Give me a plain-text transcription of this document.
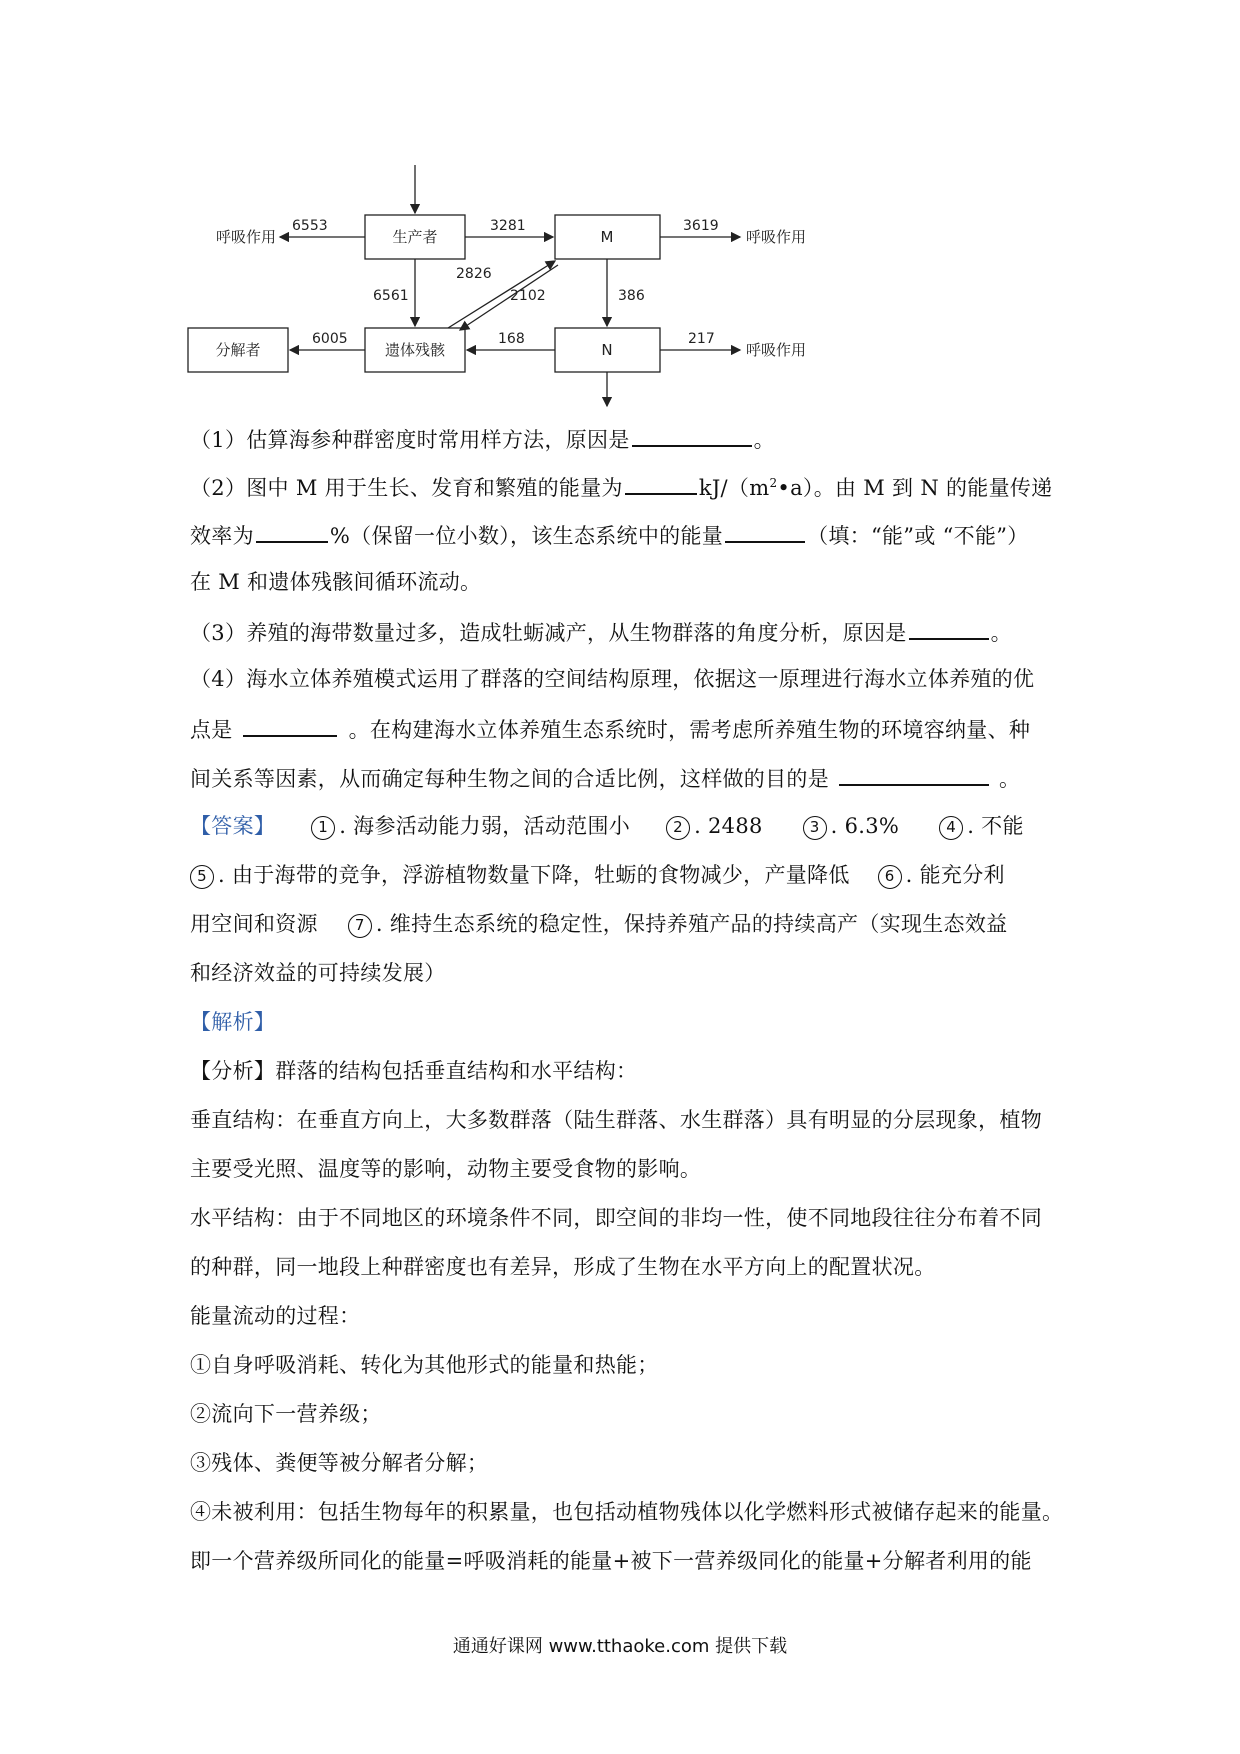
生产者	M
遗体残骸	N
分解者
呼吸作用	呼吸作用
呼吸作用
6553	3281	3619
6561
2826
2102	386
6005	168	217
（1）估算海参种群密度时常用样方法，原因是	。
（2）图中 M 用于生长、发育和繁殖的能量为	$kJ/(m^2•a)$。由 M 到 N 的能量传递
效率为	%（保留一位小数），该生态系统中的能量	（填：“能”或 “不能”）
在 M 和遗体残骸间循环流动。
（3）养殖的海带数量过多，造成牡蛎减产，从生物群落的角度分析，原因是	。
（4）海水立体养殖模式运用了群落的空间结构原理，依据这一原理进行海水立体养殖的优
点是	。在构建海水立体养殖生态系统时，需考虑所养殖生物的环境容纳量、种
间关系等因素，从而确定每种生物之间的合适比例，这样做的目的是	。
【答案】	1 . 海参活动能力弱，活动范围小	2 . 2488	3 . 6.3%	4 . 不能
5 . 由于海带的竞争，浮游植物数量下降，牡蛎的食物减少，产量降低 6 . 能充分利
用空间和资源 7 . 维持生态系统的稳定性，保持养殖产品的持续高产（实现生态效益
和经济效益的可持续发展）
【解析】
【分析】群落的结构包括垂直结构和水平结构：
垂直结构：在垂直方向上，大多数群落（陆生群落、水生群落）具有明显的分层现象，植物
主要受光照、温度等的影响，动物主要受食物的影响。
水平结构：由于不同地区的环境条件不同，即空间的非均一性，使不同地段往往分布着不同
的种群，同一地段上种群密度也有差异，形成了生物在水平方向上的配置状况。
能量流动的过程：
①自身呼吸消耗、转化为其他形式的能量和热能；
②流向下一营养级；
③残体、粪便等被分解者分解；
④未被利用：包括生物每年的积累量，也包括动植物残体以化学燃料形式被储存起来的能量。
即一个营养级所同化的能量=呼吸消耗的能量+被下一营养级同化的能量+分解者利用的能
通通好课网 www.tthaoke.com 提供下载
